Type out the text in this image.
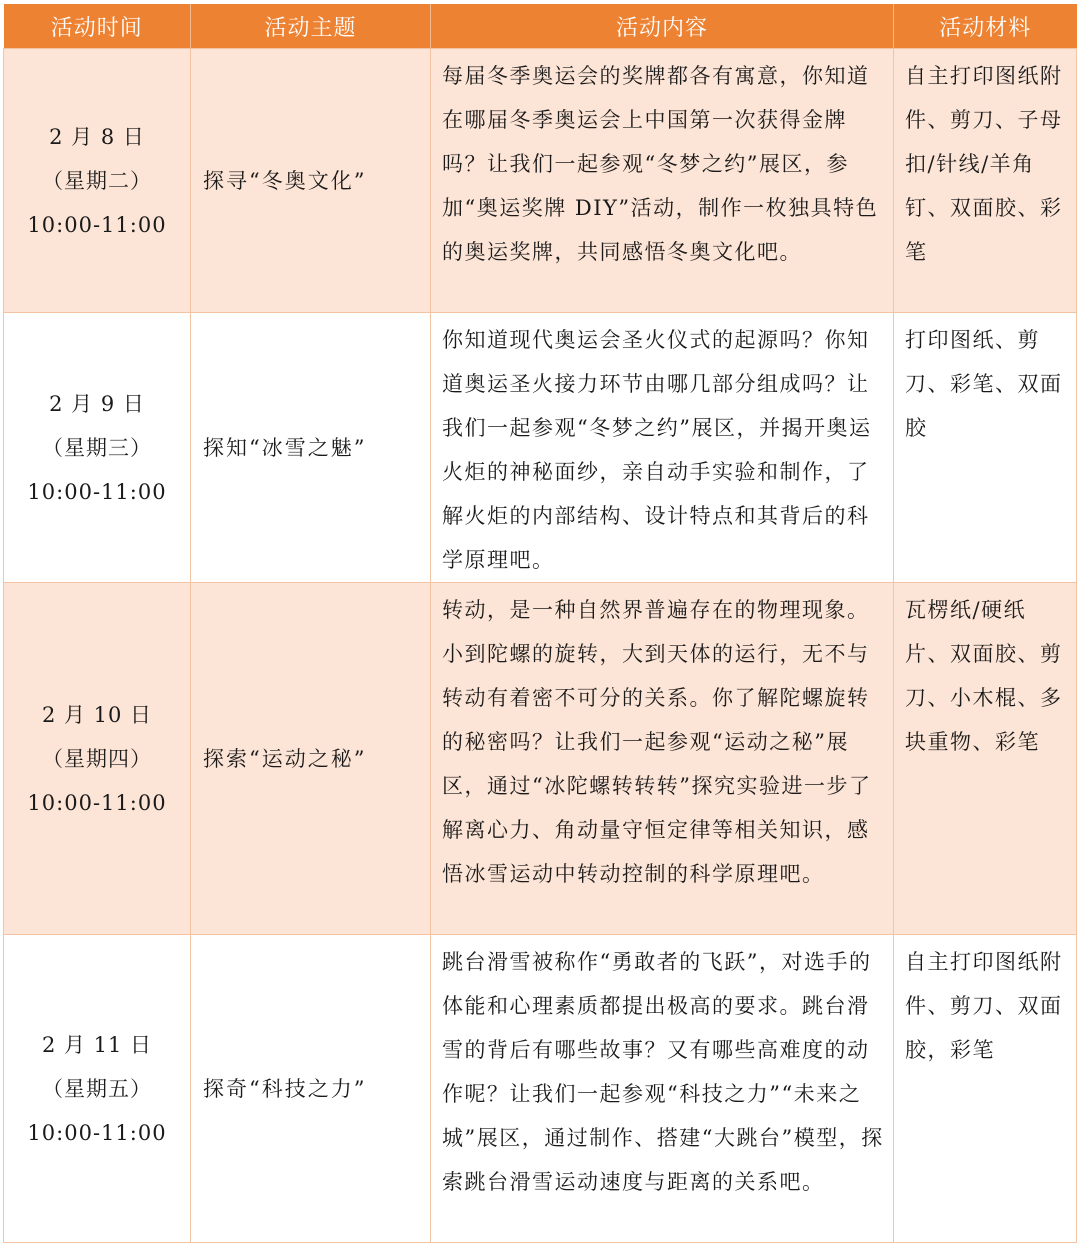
活动时间	活动主题	活动内容	活动材料

2 月 8 日
（星期二）
10:00-11:00	探寻“冬奥文化”	每届冬季奥运会的奖牌都各有寓意，你知道在哪届冬季奥运会上中国第一次获得金牌吗？让我们一起参观“冬梦之约”展区，参加“奥运奖牌 DIY”活动，制作一枚独具特色的奥运奖牌，共同感悟冬奥文化吧。	自主打印图纸附件、剪刀、子母扣/针线/羊角钉、双面胶、彩笔

2 月 9 日
（星期三）
10:00-11:00	探知“冰雪之魅”	你知道现代奥运会圣火仪式的起源吗？你知道奥运圣火接力环节由哪几部分组成吗？让我们一起参观“冬梦之约”展区，并揭开奥运火炬的神秘面纱，亲自动手实验和制作，了解火炬的内部结构、设计特点和其背后的科学原理吧。	打印图纸、剪刀、彩笔、双面胶

2 月 10 日
（星期四）
10:00-11:00	探索“运动之秘”	转动，是一种自然界普遍存在的物理现象。小到陀螺的旋转，大到天体的运行，无不与转动有着密不可分的关系。你了解陀螺旋转的秘密吗？让我们一起参观“运动之秘”展区，通过“冰陀螺转转转”探究实验进一步了解离心力、角动量守恒定律等相关知识，感悟冰雪运动中转动控制的科学原理吧。	瓦楞纸/硬纸片、双面胶、剪刀、小木棍、多块重物、彩笔

2 月 11 日
（星期五）
10:00-11:00	探奇“科技之力”	跳台滑雪被称作“勇敢者的飞跃”，对选手的体能和心理素质都提出极高的要求。跳台滑雪的背后有哪些故事？又有哪些高难度的动作呢？让我们一起参观“科技之力”“未来之城”展区，通过制作、搭建“大跳台”模型，探索跳台滑雪运动速度与距离的关系吧。	自主打印图纸附件、剪刀、双面胶，彩笔
